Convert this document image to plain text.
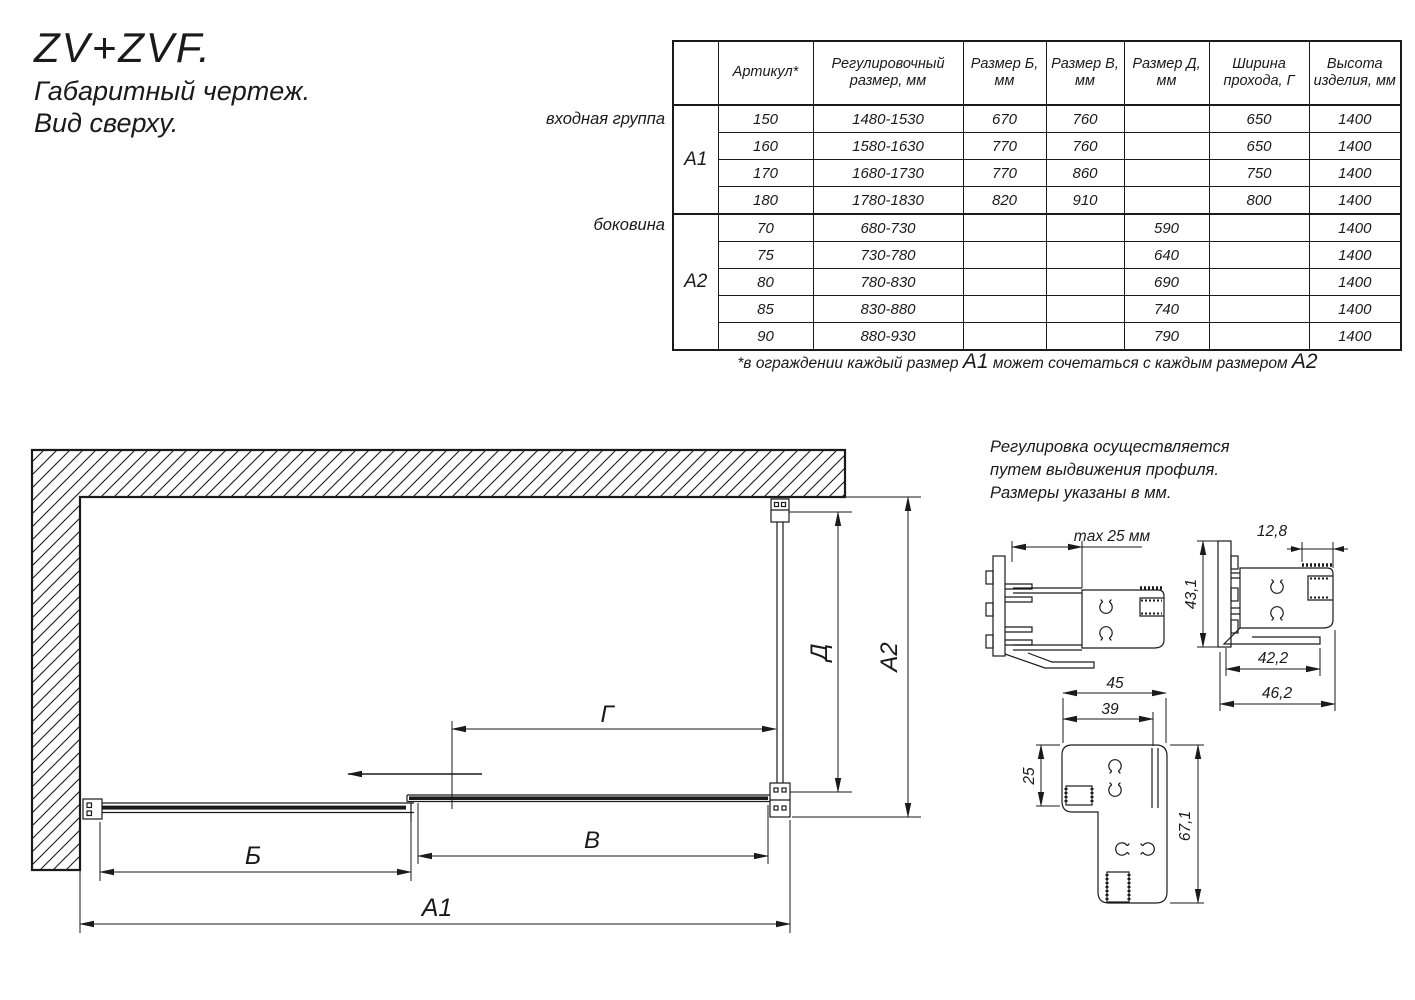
ZV+ZVF.
Габаритный чертеж.
Вид сверху.
	Артикул*	Регулировочный размер, мм	Размер Б, мм	Размер В, мм	Размер Д, мм	Ширина прохода, Г	Высота изделия, мм
А1	150	1480-1530	670	760		650	1400
	160	1580-1630	770	760		650	1400
	170	1680-1730	770	860		750	1400
	180	1780-1830	820	910		800	1400
А2	70	680-730			590		1400
	75	730-780			640		1400
	80	780-830			690		1400
	85	830-880			740		1400
	90	880-930			790		1400
входная группа
боковина
*в ограждении каждый размер А1 может сочетаться с каждым размером А2
Регулировка осуществляется
путем выдвижения профиля.
Размеры указаны в мм.
Г
Д А2
Б
В
А1
max 25 мм	12,8
43,1
42,2
46,2
45
39
25
67,1
